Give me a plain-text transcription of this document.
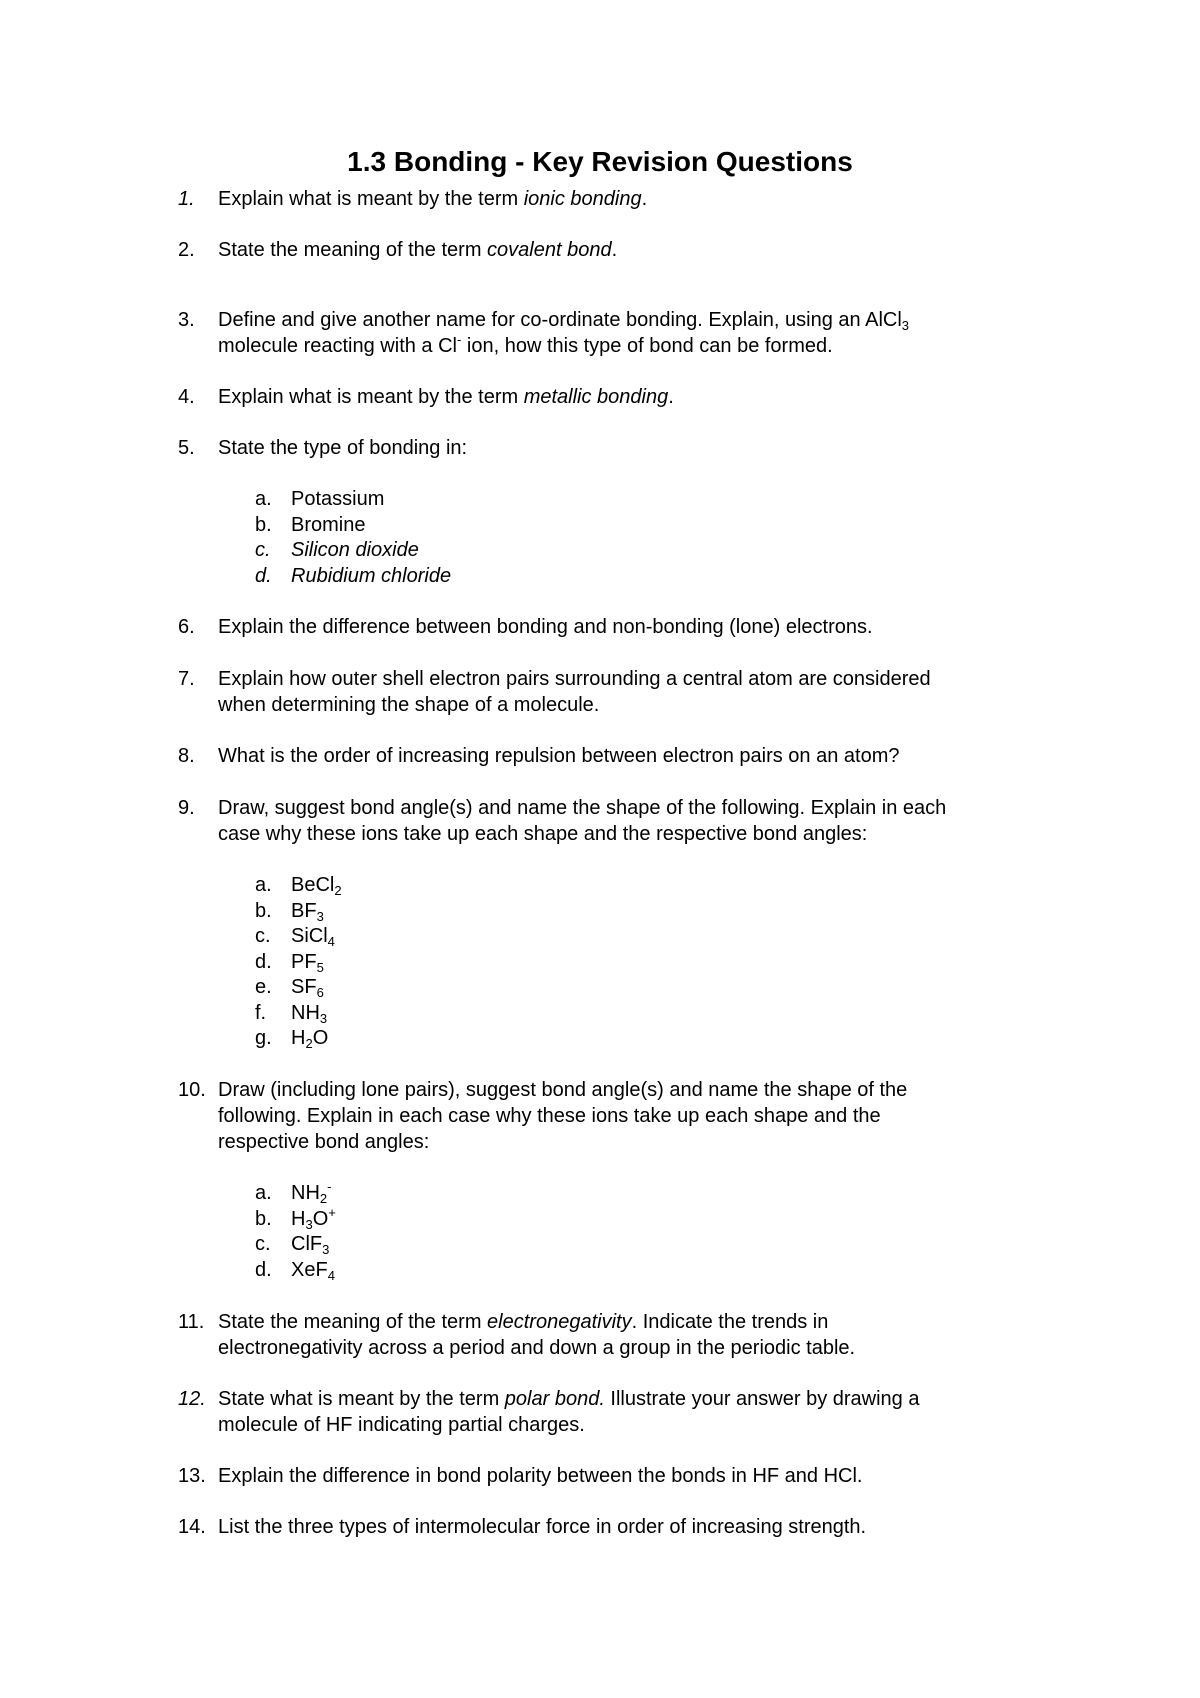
1.3 Bonding - Key Revision Questions
1. Explain what is meant by the term ionic bonding.
2. State the meaning of the term covalent bond.
3. Define and give another name for co-ordinate bonding. Explain, using an AlCl$_3$
molecule reacting with a Cl- ion, how this type of bond can be formed.
4. Explain what is meant by the term metallic bonding.
5. State the type of bonding in:
a. Potassium
b. Bromine
c. Silicon dioxide
d. Rubidium chloride
6. Explain the difference between bonding and non-bonding (lone) electrons.
7. Explain how outer shell electron pairs surrounding a central atom are considered
when determining the shape of a molecule.
8. What is the order of increasing repulsion between electron pairs on an atom?
9. Draw, suggest bond angle(s) and name the shape of the following. Explain in each
case why these ions take up each shape and the respective bond angles:
a. BeCl$_2$
b. $BF_3$
c. SiCl$_4$
d. $PF_5$
e. $SF_6$
f. $NH_3$
g. $H_2O$
10. Draw (including lone pairs), suggest bond angle(s) and name the shape of the
following. Explain in each case why these ions take up each shape and the
respective bond angles:
a. $NH_2^-$
b. $H_3O^+$
c. ClF$_3$
d. XeF$_4$
11. State the meaning of the term electronegativity. Indicate the trends in
electronegativity across a period and down a group in the periodic table.
12. State what is meant by the term polar bond. Illustrate your answer by drawing a
molecule of HF indicating partial charges.
13. Explain the difference in bond polarity between the bonds in HF and HCl.
14. List the three types of intermolecular force in order of increasing strength.
